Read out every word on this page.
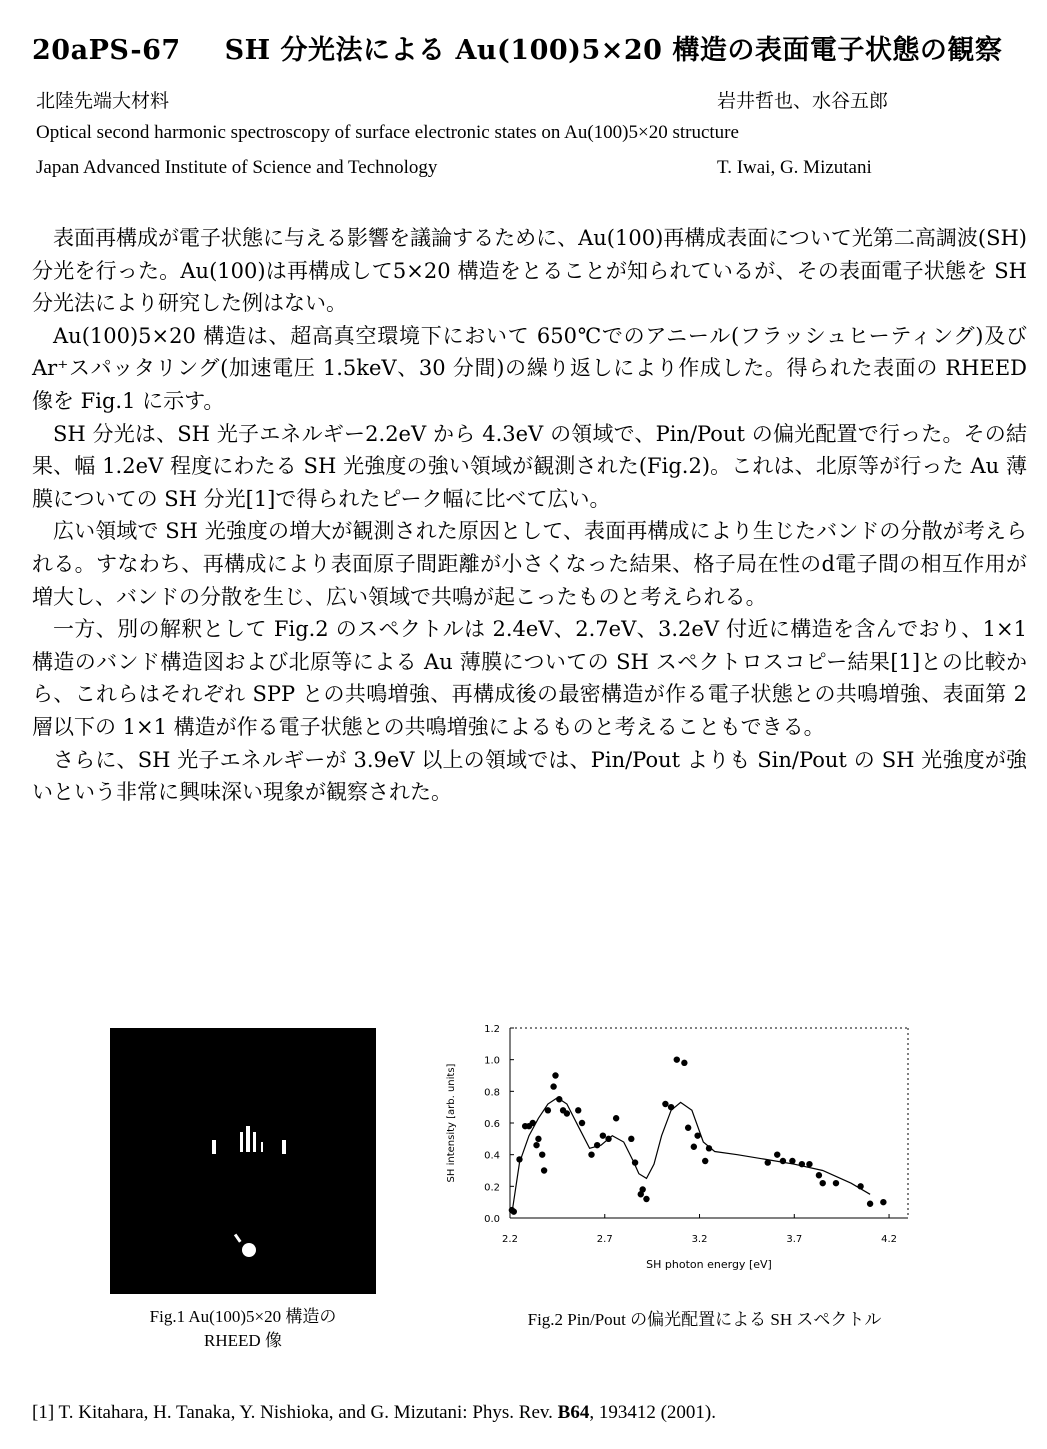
20aPS-67 SH 分光法による Au(100)5×20 構造の表面電子状態の観察
北陸先端大材料	岩井哲也、水谷五郎
Optical second harmonic spectroscopy of surface electronic states on Au(100)5×20 structure
Japan Advanced Institute of Science and Technology	T. Iwai, G. Mizutani

表面再構成が電子状態に与える影響を議論するために、Au(100)再構成表面について光第二高調波(SH)分光を行った。Au(100)は再構成して5×20 構造をとることが知られているが、その表面電子状態を SH 分光法により研究した例はない。

Au(100)5×20 構造は、超高真空環境下において 650℃でのアニール(フラッシュヒーティング)及び Ar⁺スパッタリング(加速電圧 1.5keV、30 分間)の繰り返しにより作成した。得られた表面の RHEED 像を Fig.1 に示す。

SH 分光は、SH 光子エネルギー2.2eV から 4.3eV の領域で、Pin/Pout の偏光配置で行った。その結果、幅 1.2eV 程度にわたる SH 光強度の強い領域が観測された(Fig.2)。これは、北原等が行った Au 薄膜についての SH 分光[1]で得られたピーク幅に比べて広い。

広い領域で SH 光強度の増大が観測された原因として、表面再構成により生じたバンドの分散が考えられる。すなわち、再構成により表面原子間距離が小さくなった結果、格子局在性のd電子間の相互作用が増大し、バンドの分散を生じ、広い領域で共鳴が起こったものと考えられる。

一方、別の解釈として Fig.2 のスペクトルは 2.4eV、2.7eV、3.2eV 付近に構造を含んでおり、1×1 構造のバンド構造図および北原等による Au 薄膜についての SH スペクトロスコピー結果[1]との比較から、これらはそれぞれ SPP との共鳴増強、再構成後の最密構造が作る電子状態との共鳴増強、表面第 2 層以下の 1×1 構造が作る電子状態との共鳴増強によるものと考えることもできる。

さらに、SH 光子エネルギーが 3.9eV 以上の領域では、Pin/Pout よりも Sin/Pout の SH 光強度が強いという非常に興味深い現象が観察された。

Fig.1 Au(100)5×20 構造の
RHEED 像
0.0
0.2
0.4
0.6
0.8
1.0
1.2
2.2	2.7	3.2	3.7	4.2
SH intensity [arb. units]
SH photon energy [eV]
Fig.2 Pin/Pout の偏光配置による SH スペクトル
[1] T. Kitahara, H. Tanaka, Y. Nishioka, and G. Mizutani: Phys. Rev. B64, 193412 (2001).
